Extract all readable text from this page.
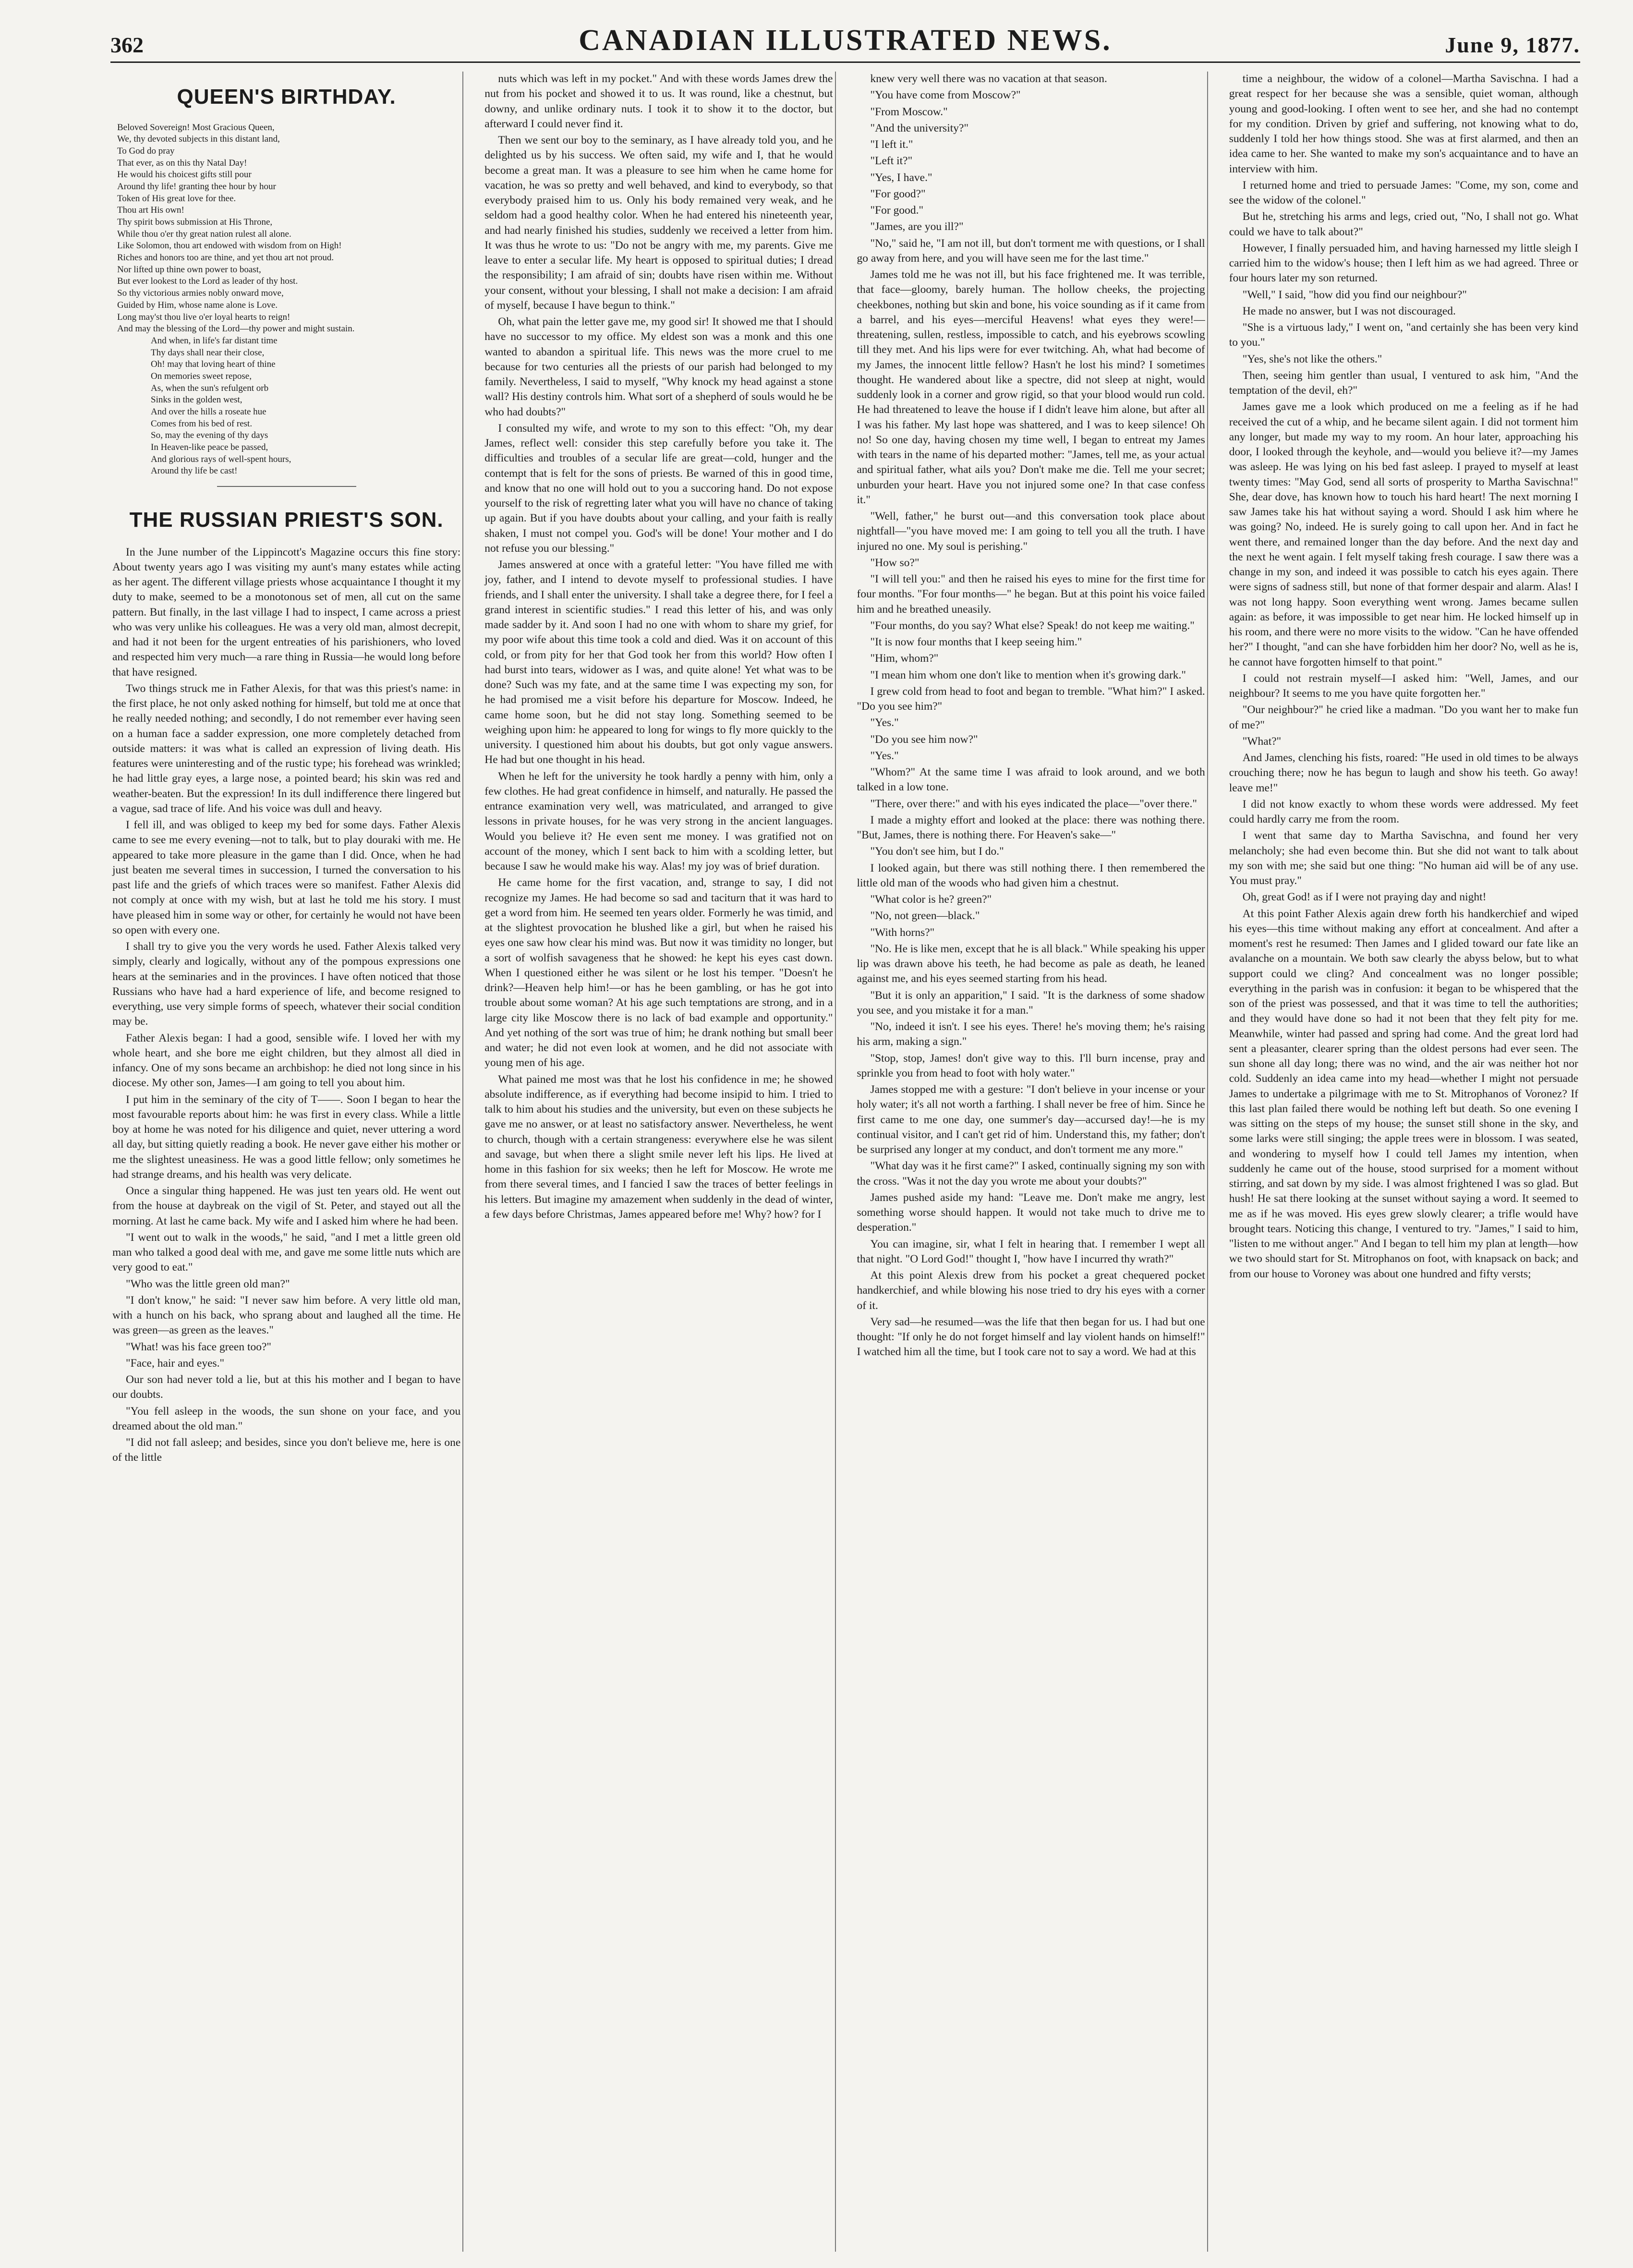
362	CANADIAN ILLUSTRATED NEWS.	June 9, 1877.
QUEEN'S BIRTHDAY.
Beloved Sovereign! Most Gracious Queen,
We, thy devoted subjects in this distant land,
To God do pray
That ever, as on this thy Natal Day!
He would his choicest gifts still pour
Around thy life! granting thee hour by hour
Token of His great love for thee.
Thou art His own!
Thy spirit bows submission at His Throne,
While thou o'er thy great nation rulest all alone.
Like Solomon, thou art endowed with wisdom from on High!
Riches and honors too are thine, and yet thou art not proud.
Nor lifted up thine own power to boast,
But ever lookest to the Lord as leader of thy host.
So thy victorious armies nobly onward move,
Guided by Him, whose name alone is Love.
Long may'st thou live o'er loyal hearts to reign!
And may the blessing of the Lord—thy power and might sustain.
And when, in life's far distant time
Thy days shall near their close,
Oh! may that loving heart of thine
On memories sweet repose,
As, when the sun's refulgent orb
Sinks in the golden west,
And over the hills a roseate hue
Comes from his bed of rest.
So, may the evening of thy days
In Heaven-like peace be passed,
And glorious rays of well-spent hours,
Around thy life be cast!
THE RUSSIAN PRIEST'S SON.

In the June number of the Lippincott's Magazine occurs this fine story: About twenty years ago I was visiting my aunt's many estates while acting as her agent. The different village priests whose acquaintance I thought it my duty to make, seemed to be a monotonous set of men, all cut on the same pattern. But finally, in the last village I had to inspect, I came across a priest who was very unlike his colleagues. He was a very old man, almost decrepit, and had it not been for the urgent entreaties of his parishioners, who loved and respected him very much—a rare thing in Russia—he would long before that have resigned.

Two things struck me in Father Alexis, for that was this priest's name: in the first place, he not only asked nothing for himself, but told me at once that he really needed nothing; and secondly, I do not remember ever having seen on a human face a sadder expression, one more completely detached from outside matters: it was what is called an expression of living death. His features were uninteresting and of the rustic type; his forehead was wrinkled; he had little gray eyes, a large nose, a pointed beard; his skin was red and weather-beaten. But the expression! In its dull indifference there lingered but a vague, sad trace of life. And his voice was dull and heavy.

I fell ill, and was obliged to keep my bed for some days. Father Alexis came to see me every evening—not to talk, but to play douraki with me. He appeared to take more pleasure in the game than I did. Once, when he had just beaten me several times in succession, I turned the conversation to his past life and the griefs of which traces were so manifest. Father Alexis did not comply at once with my wish, but at last he told me his story. I must have pleased him in some way or other, for certainly he would not have been so open with every one.

I shall try to give you the very words he used. Father Alexis talked very simply, clearly and logically, without any of the pompous expressions one hears at the seminaries and in the provinces. I have often noticed that those Russians who have had a hard experience of life, and become resigned to everything, use very simple forms of speech, whatever their social condition may be.

Father Alexis began: I had a good, sensible wife. I loved her with my whole heart, and she bore me eight children, but they almost all died in infancy. One of my sons became an archbishop: he died not long since in his diocese. My other son, James—I am going to tell you about him.

I put him in the seminary of the city of T——. Soon I began to hear the most favourable reports about him: he was first in every class. While a little boy at home he was noted for his diligence and quiet, never uttering a word all day, but sitting quietly reading a book. He never gave either his mother or me the slightest uneasiness. He was a good little fellow; only sometimes he had strange dreams, and his health was very delicate.

Once a singular thing happened. He was just ten years old. He went out from the house at daybreak on the vigil of St. Peter, and stayed out all the morning. At last he came back. My wife and I asked him where he had been.

"I went out to walk in the woods," he said, "and I met a little green old man who talked a good deal with me, and gave me some little nuts which are very good to eat."

"Who was the little green old man?"

"I don't know," he said: "I never saw him before. A very little old man, with a hunch on his back, who sprang about and laughed all the time. He was green—as green as the leaves."

"What! was his face green too?"

"Face, hair and eyes."

Our son had never told a lie, but at this his mother and I began to have our doubts.

"You fell asleep in the woods, the sun shone on your face, and you dreamed about the old man."

"I did not fall asleep; and besides, since you don't believe me, here is one of the little

nuts which was left in my pocket." And with these words James drew the nut from his pocket and showed it to us. It was round, like a chestnut, but downy, and unlike ordinary nuts. I took it to show it to the doctor, but afterward I could never find it.

Then we sent our boy to the seminary, as I have already told you, and he delighted us by his success. We often said, my wife and I, that he would become a great man. It was a pleasure to see him when he came home for vacation, he was so pretty and well behaved, and kind to everybody, so that everybody praised him to us. Only his body remained very weak, and he seldom had a good healthy color. When he had entered his nineteenth year, and had nearly finished his studies, suddenly we received a letter from him. It was thus he wrote to us: "Do not be angry with me, my parents. Give me leave to enter a secular life. My heart is opposed to spiritual duties; I dread the responsibility; I am afraid of sin; doubts have risen within me. Without your consent, without your blessing, I shall not make a decision: I am afraid of myself, because I have begun to think."

Oh, what pain the letter gave me, my good sir! It showed me that I should have no successor to my office. My eldest son was a monk and this one wanted to abandon a spiritual life. This news was the more cruel to me because for two centuries all the priests of our parish had belonged to my family. Nevertheless, I said to myself, "Why knock my head against a stone wall? His destiny controls him. What sort of a shepherd of souls would he be who had doubts?"

I consulted my wife, and wrote to my son to this effect: "Oh, my dear James, reflect well: consider this step carefully before you take it. The difficulties and troubles of a secular life are great—cold, hunger and the contempt that is felt for the sons of priests. Be warned of this in good time, and know that no one will hold out to you a succoring hand. Do not expose yourself to the risk of regretting later what you will have no chance of taking up again. But if you have doubts about your calling, and your faith is really shaken, I must not compel you. God's will be done! Your mother and I do not refuse you our blessing."

James answered at once with a grateful letter: "You have filled me with joy, father, and I intend to devote myself to professional studies. I have friends, and I shall enter the university. I shall take a degree there, for I feel a grand interest in scientific studies." I read this letter of his, and was only made sadder by it. And soon I had no one with whom to share my grief, for my poor wife about this time took a cold and died. Was it on account of this cold, or from pity for her that God took her from this world? How often I had burst into tears, widower as I was, and quite alone! Yet what was to be done? Such was my fate, and at the same time I was expecting my son, for he had promised me a visit before his departure for Moscow. Indeed, he came home soon, but he did not stay long. Something seemed to be weighing upon him: he appeared to long for wings to fly more quickly to the university. I questioned him about his doubts, but got only vague answers. He had but one thought in his head.

When he left for the university he took hardly a penny with him, only a few clothes. He had great confidence in himself, and naturally. He passed the entrance examination very well, was matriculated, and arranged to give lessons in private houses, for he was very strong in the ancient languages. Would you believe it? He even sent me money. I was gratified not on account of the money, which I sent back to him with a scolding letter, but because I saw he would make his way. Alas! my joy was of brief duration.

He came home for the first vacation, and, strange to say, I did not recognize my James. He had become so sad and taciturn that it was hard to get a word from him. He seemed ten years older. Formerly he was timid, and at the slightest provocation he blushed like a girl, but when he raised his eyes one saw how clear his mind was. But now it was timidity no longer, but a sort of wolfish savageness that he showed: he kept his eyes cast down. When I questioned either he was silent or he lost his temper. "Doesn't he drink?—Heaven help him!—or has he been gambling, or has he got into trouble about some woman? At his age such temptations are strong, and in a large city like Moscow there is no lack of bad example and opportunity." And yet nothing of the sort was true of him; he drank nothing but small beer and water; he did not even look at women, and he did not associate with young men of his age.

What pained me most was that he lost his confidence in me; he showed absolute indifference, as if everything had become insipid to him. I tried to talk to him about his studies and the university, but even on these subjects he gave me no answer, or at least no satisfactory answer. Nevertheless, he went to church, though with a certain strangeness: everywhere else he was silent and savage, but when there a slight smile never left his lips. He lived at home in this fashion for six weeks; then he left for Moscow. He wrote me from there several times, and I fancied I saw the traces of better feelings in his letters. But imagine my amazement when suddenly in the dead of winter, a few days before Christmas, James appeared before me! Why? how? for I

knew very well there was no vacation at that season.

"You have come from Moscow?"

"From Moscow."

"And the university?"

"I left it."

"Left it?"

"Yes, I have."

"For good?"

"For good."

"James, are you ill?"

"No," said he, "I am not ill, but don't torment me with questions, or I shall go away from here, and you will have seen me for the last time."

James told me he was not ill, but his face frightened me. It was terrible, that face—gloomy, barely human. The hollow cheeks, the projecting cheekbones, nothing but skin and bone, his voice sounding as if it came from a barrel, and his eyes—merciful Heavens! what eyes they were!—threatening, sullen, restless, impossible to catch, and his eyebrows scowling till they met. And his lips were for ever twitching. Ah, what had become of my James, the innocent little fellow? Hasn't he lost his mind? I sometimes thought. He wandered about like a spectre, did not sleep at night, would suddenly look in a corner and grow rigid, so that your blood would run cold. He had threatened to leave the house if I didn't leave him alone, but after all I was his father. My last hope was shattered, and I was to keep silence! Oh no! So one day, having chosen my time well, I began to entreat my James with tears in the name of his departed mother: "James, tell me, as your actual and spiritual father, what ails you? Don't make me die. Tell me your secret; unburden your heart. Have you not injured some one? In that case confess it."

"Well, father," he burst out—and this conversation took place about nightfall—"you have moved me: I am going to tell you all the truth. I have injured no one. My soul is perishing."

"How so?"

"I will tell you:" and then he raised his eyes to mine for the first time for four months. "For four months—" he began. But at this point his voice failed him and he breathed uneasily.

"Four months, do you say? What else? Speak! do not keep me waiting."

"It is now four months that I keep seeing him."

"Him, whom?"

"I mean him whom one don't like to mention when it's growing dark."

I grew cold from head to foot and began to tremble. "What him?" I asked. "Do you see him?"

"Yes."

"Do you see him now?"

"Yes."

"Whom?" At the same time I was afraid to look around, and we both talked in a low tone.

"There, over there:" and with his eyes indicated the place—"over there."

I made a mighty effort and looked at the place: there was nothing there. "But, James, there is nothing there. For Heaven's sake—"

"You don't see him, but I do."

I looked again, but there was still nothing there. I then remembered the little old man of the woods who had given him a chestnut.

"What color is he? green?"

"No, not green—black."

"With horns?"

"No. He is like men, except that he is all black." While speaking his upper lip was drawn above his teeth, he had become as pale as death, he leaned against me, and his eyes seemed starting from his head.

"But it is only an apparition," I said. "It is the darkness of some shadow you see, and you mistake it for a man."

"No, indeed it isn't. I see his eyes. There! he's moving them; he's raising his arm, making a sign."

"Stop, stop, James! don't give way to this. I'll burn incense, pray and sprinkle you from head to foot with holy water."

James stopped me with a gesture: "I don't believe in your incense or your holy water; it's all not worth a farthing. I shall never be free of him. Since he first came to me one day, one summer's day—accursed day!—he is my continual visitor, and I can't get rid of him. Understand this, my father; don't be surprised any longer at my conduct, and don't torment me any more."

"What day was it he first came?" I asked, continually signing my son with the cross. "Was it not the day you wrote me about your doubts?"

James pushed aside my hand: "Leave me. Don't make me angry, lest something worse should happen. It would not take much to drive me to desperation."

You can imagine, sir, what I felt in hearing that. I remember I wept all that night. "O Lord God!" thought I, "how have I incurred thy wrath?"

At this point Alexis drew from his pocket a great chequered pocket handkerchief, and while blowing his nose tried to dry his eyes with a corner of it.

Very sad—he resumed—was the life that then began for us. I had but one thought: "If only he do not forget himself and lay violent hands on himself!" I watched him all the time, but I took care not to say a word. We had at this

time a neighbour, the widow of a colonel—Martha Savischna. I had a great respect for her because she was a sensible, quiet woman, although young and good-looking. I often went to see her, and she had no contempt for my condition. Driven by grief and suffering, not knowing what to do, suddenly I told her how things stood. She was at first alarmed, and then an idea came to her. She wanted to make my son's acquaintance and to have an interview with him.

I returned home and tried to persuade James: "Come, my son, come and see the widow of the colonel."

But he, stretching his arms and legs, cried out, "No, I shall not go. What could we have to talk about?"

However, I finally persuaded him, and having harnessed my little sleigh I carried him to the widow's house; then I left him as we had agreed. Three or four hours later my son returned.

"Well," I said, "how did you find our neighbour?"

He made no answer, but I was not discouraged.

"She is a virtuous lady," I went on, "and certainly she has been very kind to you."

"Yes, she's not like the others."

Then, seeing him gentler than usual, I ventured to ask him, "And the temptation of the devil, eh?"

James gave me a look which produced on me a feeling as if he had received the cut of a whip, and he became silent again. I did not torment him any longer, but made my way to my room. An hour later, approaching his door, I looked through the keyhole, and—would you believe it?—my James was asleep. He was lying on his bed fast asleep. I prayed to myself at least twenty times: "May God, send all sorts of prosperity to Martha Savischna!" She, dear dove, has known how to touch his hard heart! The next morning I saw James take his hat without saying a word. Should I ask him where he was going? No, indeed. He is surely going to call upon her. And in fact he went there, and remained longer than the day before. And the next day and the next he went again. I felt myself taking fresh courage. I saw there was a change in my son, and indeed it was possible to catch his eyes again. There were signs of sadness still, but none of that former despair and alarm. Alas! I was not long happy. Soon everything went wrong. James became sullen again: as before, it was impossible to get near him. He locked himself up in his room, and there were no more visits to the widow. "Can he have offended her?" I thought, "and can she have forbidden him her door? No, well as he is, he cannot have forgotten himself to that point."

I could not restrain myself—I asked him: "Well, James, and our neighbour? It seems to me you have quite forgotten her."

"Our neighbour?" he cried like a madman. "Do you want her to make fun of me?"

"What?"

And James, clenching his fists, roared: "He used in old times to be always crouching there; now he has begun to laugh and show his teeth. Go away! leave me!"

I did not know exactly to whom these words were addressed. My feet could hardly carry me from the room.

I went that same day to Martha Savischna, and found her very melancholy; she had even become thin. But she did not want to talk about my son with me; she said but one thing: "No human aid will be of any use. You must pray."

Oh, great God! as if I were not praying day and night!

At this point Father Alexis again drew forth his handkerchief and wiped his eyes—this time without making any effort at concealment. And after a moment's rest he resumed: Then James and I glided toward our fate like an avalanche on a mountain. We both saw clearly the abyss below, but to what support could we cling? And concealment was no longer possible; everything in the parish was in confusion: it began to be whispered that the son of the priest was possessed, and that it was time to tell the authorities; and they would have done so had it not been that they felt pity for me. Meanwhile, winter had passed and spring had come. And the great lord had sent a pleasanter, clearer spring than the oldest persons had ever seen. The sun shone all day long; there was no wind, and the air was neither hot nor cold. Suddenly an idea came into my head—whether I might not persuade James to undertake a pilgrimage with me to St. Mitrophanos of Voronez? If this last plan failed there would be nothing left but death. So one evening I was sitting on the steps of my house; the sunset still shone in the sky, and some larks were still singing; the apple trees were in blossom. I was seated, and wondering to myself how I could tell James my intention, when suddenly he came out of the house, stood surprised for a moment without stirring, and sat down by my side. I was almost frightened I was so glad. But hush! He sat there looking at the sunset without saying a word. It seemed to me as if he was moved. His eyes grew slowly clearer; a trifle would have brought tears. Noticing this change, I ventured to try. "James," I said to him, "listen to me without anger." And I began to tell him my plan at length—how we two should start for St. Mitrophanos on foot, with knapsack on back; and from our house to Voroney was about one hundred and fifty versts;
